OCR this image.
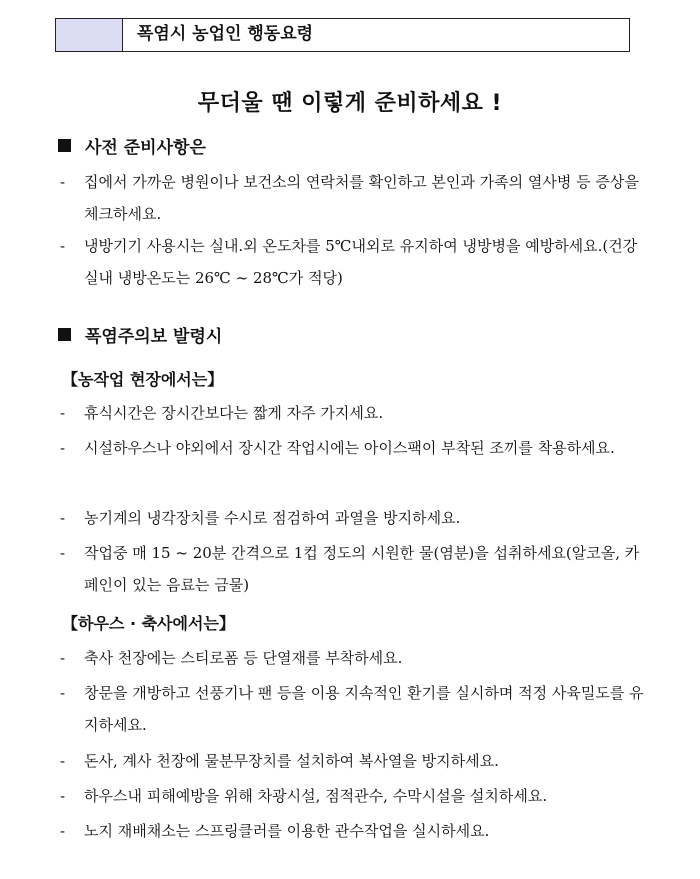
폭염시 농업인 행동요령
무더울 땐 이렇게 준비하세요 !
사전 준비사항은
-	집에서 가까운 병원이나 보건소의 연락처를 확인하고 본인과 가족의 열사병 등 증상을 체크하세요.
-	냉방기기 사용시는 실내.외 온도차를 5℃내외로 유지하여 냉방병을 예방하세요.(건강 실내 냉방온도는 26℃ ~ 28℃가 적당)
폭염주의보 발령시
【농작업 현장에서는】
-	휴식시간은 장시간보다는 짧게 자주 가지세요.
-	시설하우스나 야외에서 장시간 작업시에는 아이스팩이 부착된 조끼를 착용하세요.
-	농기계의 냉각장치를 수시로 점검하여 과열을 방지하세요.
-	작업중 매 15 ~ 20분 간격으로 1컵 정도의 시원한 물(염분)을 섭취하세요(알코올, 카페인이 있는 음료는 금물)
【하우스 · 축사에서는】
-	축사 천장에는 스티로폼 등 단열재를 부착하세요.
-	창문을 개방하고 선풍기나 팬 등을 이용 지속적인 환기를 실시하며 적정 사육밀도를 유지하세요.
-	돈사, 계사 천장에 물분무장치를 설치하여 복사열을 방지하세요.
-	하우스내 피해예방을 위해 차광시설, 점적관수, 수막시설을 설치하세요.
-	노지 재배채소는 스프링클러를 이용한 관수작업을 실시하세요.
